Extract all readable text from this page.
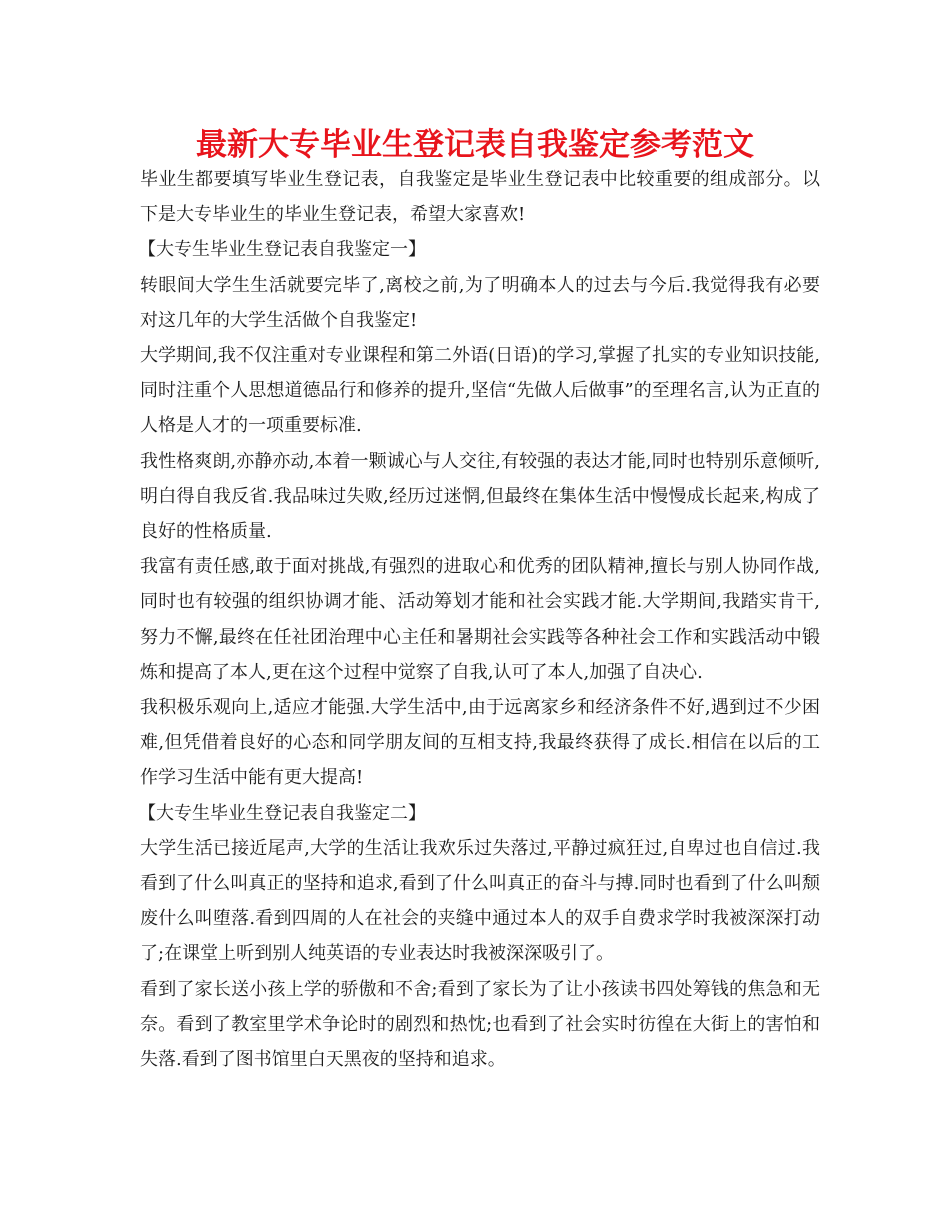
最新大专毕业生登记表自我鉴定参考范文

毕业生都要填写毕业生登记表，自我鉴定是毕业生登记表中比较重要的组成部分。以下是大专毕业生的毕业生登记表，希望大家喜欢!

【大专生毕业生登记表自我鉴定一】

转眼间大学生生活就要完毕了,离校之前,为了明确本人的过去与今后.我觉得我有必要对这几年的大学生活做个自我鉴定!

大学期间,我不仅注重对专业课程和第二外语(日语)的学习,掌握了扎实的专业知识技能,同时注重个人思想道德品行和修养的提升,坚信“先做人后做事”的至理名言,认为正直的人格是人才的一项重要标准.

我性格爽朗,亦静亦动,本着一颗诚心与人交往,有较强的表达才能,同时也特别乐意倾听,明白得自我反省.我品味过失败,经历过迷惘,但最终在集体生活中慢慢成长起来,构成了良好的性格质量.

我富有责任感,敢于面对挑战,有强烈的进取心和优秀的团队精神,擅长与别人协同作战,同时也有较强的组织协调才能、活动筹划才能和社会实践才能.大学期间,我踏实肯干,努力不懈,最终在任社团治理中心主任和暑期社会实践等各种社会工作和实践活动中锻炼和提高了本人,更在这个过程中觉察了自我,认可了本人,加强了自决心.

我积极乐观向上,适应才能强.大学生活中,由于远离家乡和经济条件不好,遇到过不少困难,但凭借着良好的心态和同学朋友间的互相支持,我最终获得了成长.相信在以后的工作学习生活中能有更大提高!

【大专生毕业生登记表自我鉴定二】

大学生活已接近尾声,大学的生活让我欢乐过失落过,平静过疯狂过,自卑过也自信过.我看到了什么叫真正的坚持和追求,看到了什么叫真正的奋斗与搏.同时也看到了什么叫颓废什么叫堕落.看到四周的人在社会的夹缝中通过本人的双手自费求学时我被深深打动了;在课堂上听到别人纯英语的专业表达时我被深深吸引了。

看到了家长送小孩上学的骄傲和不舍;看到了家长为了让小孩读书四处筹钱的焦急和无奈。看到了教室里学术争论时的剧烈和热忱;也看到了社会实时彷徨在大街上的害怕和失落.看到了图书馆里白天黑夜的坚持和追求。
